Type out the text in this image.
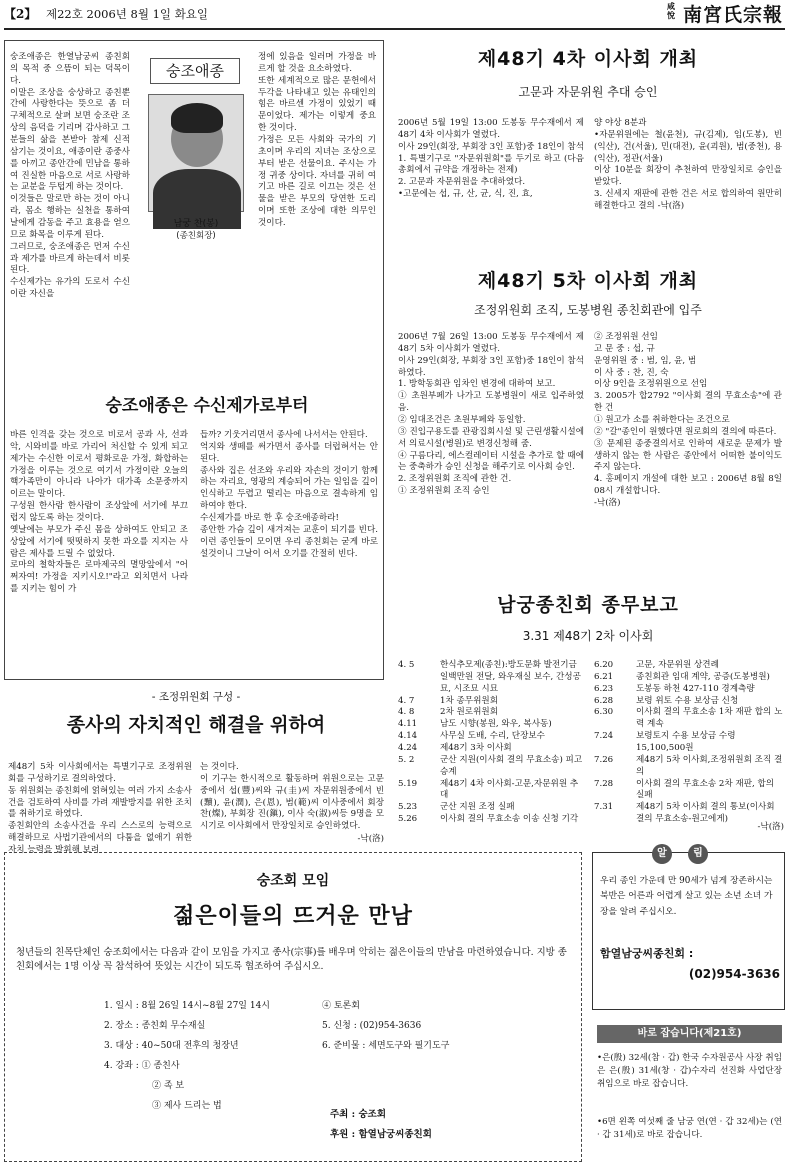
【2】 제22호 2006년 8월 1일 화요일
咸悅 南宮氏宗報
숭조애종은 한열남궁씨 종친회의 목적 중 으뜸이 되는 덕목이다.
이말은 조상을 숭상하고 종친뿐간에 사랑한다는 뜻으로 좀 더 구체적으로 살펴 보면 숭조란 조상의 음덕을 기리며 감사하고 그분들의 삶을 본받아 참제 신적 삼기는 것이요, 애종이란 종중사를 아끼고 종안간에 민남을 통하여 진실한 마음으로 서로 사랑하는 교분을 두텁게 하는 것이다.
이것들은 말로만 하는 것이 아니라, 몸소 행하는 실천을 통하여 날에게 감동을 주고 효용을 얻으므로 화목을 이루게 된다.
그러므로, 숭조애종은 먼저 수신과 제가를 바르게 하는데서 비롯된다.
수신제가는 유가의 도로서 수신이란 자신을
숭조애종
남궁 찬(봉)
(종친회장)
정에 있음을 일러며 가정을 바르게 할 것을 요소하였다.
또한 세계적으로 많은 문헌에서 두각을 나타내고 있는 유태인의 힘은 바르센 가정이 있었기 때문이었다. 제가는 이렇게 중요한 것이다.
가정은 모든 사회와 국가의 기초이며 우리의 지녀는 조상으로부터 받은 선물이요. 주시는 가정 귀중 상이다. 자녀를 귀히 여기고 바른 길로 이끄는 것은 선물을 받은 부모의 당연한 도리이며 또한 조상에 대한 의무인 것이다.
숭조애종은 수신제가로부터
바른 인격을 갖는 것으로 비로서 공과 사, 선과악, 시와비를 바로 가리어 처신할 수 있게 되고 제가는 수신한 이로서 평화로운 가정, 화합하는 가정을 이루는 것으로 여기서 가정이란 오늘의 핵가족만이 아니라 나아가 대가족 소문중까지 이르는 말이다.
구성원 한사람 한사람이 조상앞에 서기에 부끄럽지 않도록 하는 것이다.
옛날에는 부모가 주신 몸을 상하여도 안되고 조상앞에 서기에 떳떳하지 못한 과오를 지지는 사람은 제사를 드릴 수 없었다.
로마의 철학자들은 로마제국의 멸망앞에서 "어쩌자여! 가정을 지키시오!"라고 외치면서 나라를 지키는 힘이 가
듭까? 기웃거리면서 종사에 나서서는 안된다.
억지와 생떼를 써가면서 종사를 더럽혀서는 안된다.
종사와 집은 선조와 우리와 자손의 것이기 함께 하는 자리요, 영광의 계승되어 가는 일임을 깊이 인식하고 두렵고 떨리는 마음으로 결속하게 임하여야 한다.
수신제가를 바로 한 후 숭조애종하라!
종안한 가슴 깊이 새겨져는 교훈이 되기를 빈다. 이런 종인들이 모이면 우리 종친회는 굳게 바로 설것이니 그날이 어서 오기를 간절히 빈다.
제48기 4차 이사회 개최
고문과 자문위원 추대 승인
2006년 5월 19일 13:00 도봉동 무수재에서 제48기 4차 이사회가 열렸다.
이사 29인(회장, 부회장 3인 포함)중 18인이 참석
1. 특별기구로 "자문위원회"를 두기로 하고 (다음 총회에서 규약을 개정하는 전제)
2. 고문과 자문위원을 추대하였다.
•고문에는 섭, 규, 산, 균, 식, 진, 효,
양 야상 8분과
•자문위원에는 철(윤천), 규(김제), 임(도봉), 빈(익산), 건(서울), 민(대전), 윤(괴원), 범(중천), 용(익산), 정관(서울)
이상 10분을 회장이 추천하여 만장일치로 승인을 받았다.
3. 신세지 재판에 관한 건은 서로 합의하여 원만히 해결한다고 결의 -낙(洛)
제48기 5차 이사회 개최
조정위원회 조직, 도봉병원 종친회관에 입주
2006년 7월 26일 13:00 도봉동 무수재에서 제48기 5차 이사회가 열렸다.
이사 29인(회장, 부회장 3인 포함)중 18인이 참석하였다.
1. 방학동회관 임차인 변경에 대하여 보고.
① 초원부페가 나가고 도봉병원이 새로 입주하였음.
② 임대조건은 초원부페와 동일함.
③ 진입구용도를 관광집회시설 및 근린생활시설에서 의료시설(병원)로 변경신청해 줌.
④ 구름다리, 에스컬레이터 시설을 추가로 할 때에는 중축하가 승인 신청을 해주기로 이사회 승인.
2. 조정위원회 조직에 관한 건.
① 조정위원회 조직 승인
② 조정위원 선임
고 문 중 : 섭, 규
운영위원 중 : 범, 임, 윤, 범
이 사 중 : 찬, 진, 숙
이상 9인을 조정위원으로 선임
3. 2005가 합2792 "이사회 결의 무효소송"에 관한 건
① 원고가 소를 취하한다는 조건으로
② "갈"종인이 원했다면 원로회의 결의에 따른다.
③ 문제된 종중결의서로 인하여 새로운 문제가 발생하지 않는 한 사람은 종안에서 어떠한 불이익도 주지 않는다.
4. 홍페이지 개설에 대한 보고 : 2006년 8월 8일 08시 개설합니다.
-낙(洛)
남궁종친회 종무보고
3.31 제48기 2차 이사회
4. 5	한식추모제(종친):방도문화 발전기금 일백만원 전달, 와우재실 보수, 간성공묘, 시조묘 시묘
4. 7	1차 종무위원회
4. 8	2차 원로위원회
4.11	남도 시향(봉원, 와우, 복사동)
4.14	사무실 도배, 수리, 단장보수
4.24	제48기 3차 이사회
5. 2	군산 지원(이사회 결의 무효소송) 피고 승계
5.19	제48기 4차 이사회-고문,자문위원 추대
5.23	군산 지원 조정 실패
5.26	이사회 결의 무효소송 이송 신청 기각
6.20	고문, 자문위원 상견례
6.21	종친회관 임대 계약, 공증(도봉병원)
6.23	도봉동 하천 427-110 경계측량
6.28	보령 위토 수용 보상금 신청
6.30	이사회 결의 무효소송 1차 재판 합의 노력 계속
7.24	보령토지 수용 보상금 수령 15,100,500원
7.26	제48기 5차 이사회,조정위원회 조직 결의
7.28	이사회 결의 무효소송 2차 재판, 합의 실패
7.31	제48기 5차 이사회 결의 통보(이사회 결의 무효소송-원고에게)
-낙(洛)
- 조정위원회 구성 -
종사의 자치적인 해결을 위하여
제48기 5차 이사회에서는 특별기구로 조정위원회를 구성하기로 결의하였다.
동 위원회는 종친회에 얽혀있는 여러 가지 소송사건을 검토하여 사비를 가려 재발방지를 위한 조치를 취하기로 하였다.
종친회안의 소송사건을 우리 스스로의 능력으로 해결하므로 사법기관에서의 다툼을 없애기 위한 자치 능력을 발휘해 보려
는 것이다.
이 기구는 한시적으로 활동하며 위원으로는 고문 중에서 섭(豐)씨와 규(圭)씨 자문위원중에서 빈(黷), 윤(潤), 은(恩), 범(範)씨 이사중에서 회장 찬(燦), 부회장 진(鎭), 이사 숙(淑)씨등 9명을 모시기로 이사회에서 만장일치로 승인하였다.
-낙(洛)
숭조회 모임
젊은이들의 뜨거운 만남
청년들의 친목단체인 숭조회에서는 다음과 같이 모임을 가지고 종사(宗事)를 배우며 악히는 젊은이들의 만남을 마련하였습니다. 지방 종친회에서는 1명 이상 꼭 참석하여 뜻있는 시간이 되도록 협조하여 주십시오.
1. 일시 : 8월 26일 14시~8월 27일 14시
2. 장소 : 종친회 무수재실
3. 대상 : 40~50대 전후의 청장년
4. 강좌 : ① 종친사
② 족 보
③ 제사 드리는 법
④ 토론회
5. 신청 : (02)954-3636
6. 준비물 : 세면도구와 필기도구
주최 : 숭조회
후원 : 함열남궁씨종친회
알	림
우리 종인 가운데 만 90세가 넘게 장존하시는 북반은 어른과 어렵게 살고 있는 소년 소녀 가장을 알려 주십시오.
함열남궁씨종친회 :
(02)954-3636
바로 잡습니다(제21호)
•은(殷) 32세(참 · 갑) 한국 수자원공사 사장 취임은 은(殷) 31세(창 · 갑)수자리 선진화 사업단장 취임으로 바로 잡습니다.
•6면 왼쪽 여섯째 줄 남궁 연(연 · 갑 32세)는 (연 · 갑 31세)로 바로 잡습니다.
